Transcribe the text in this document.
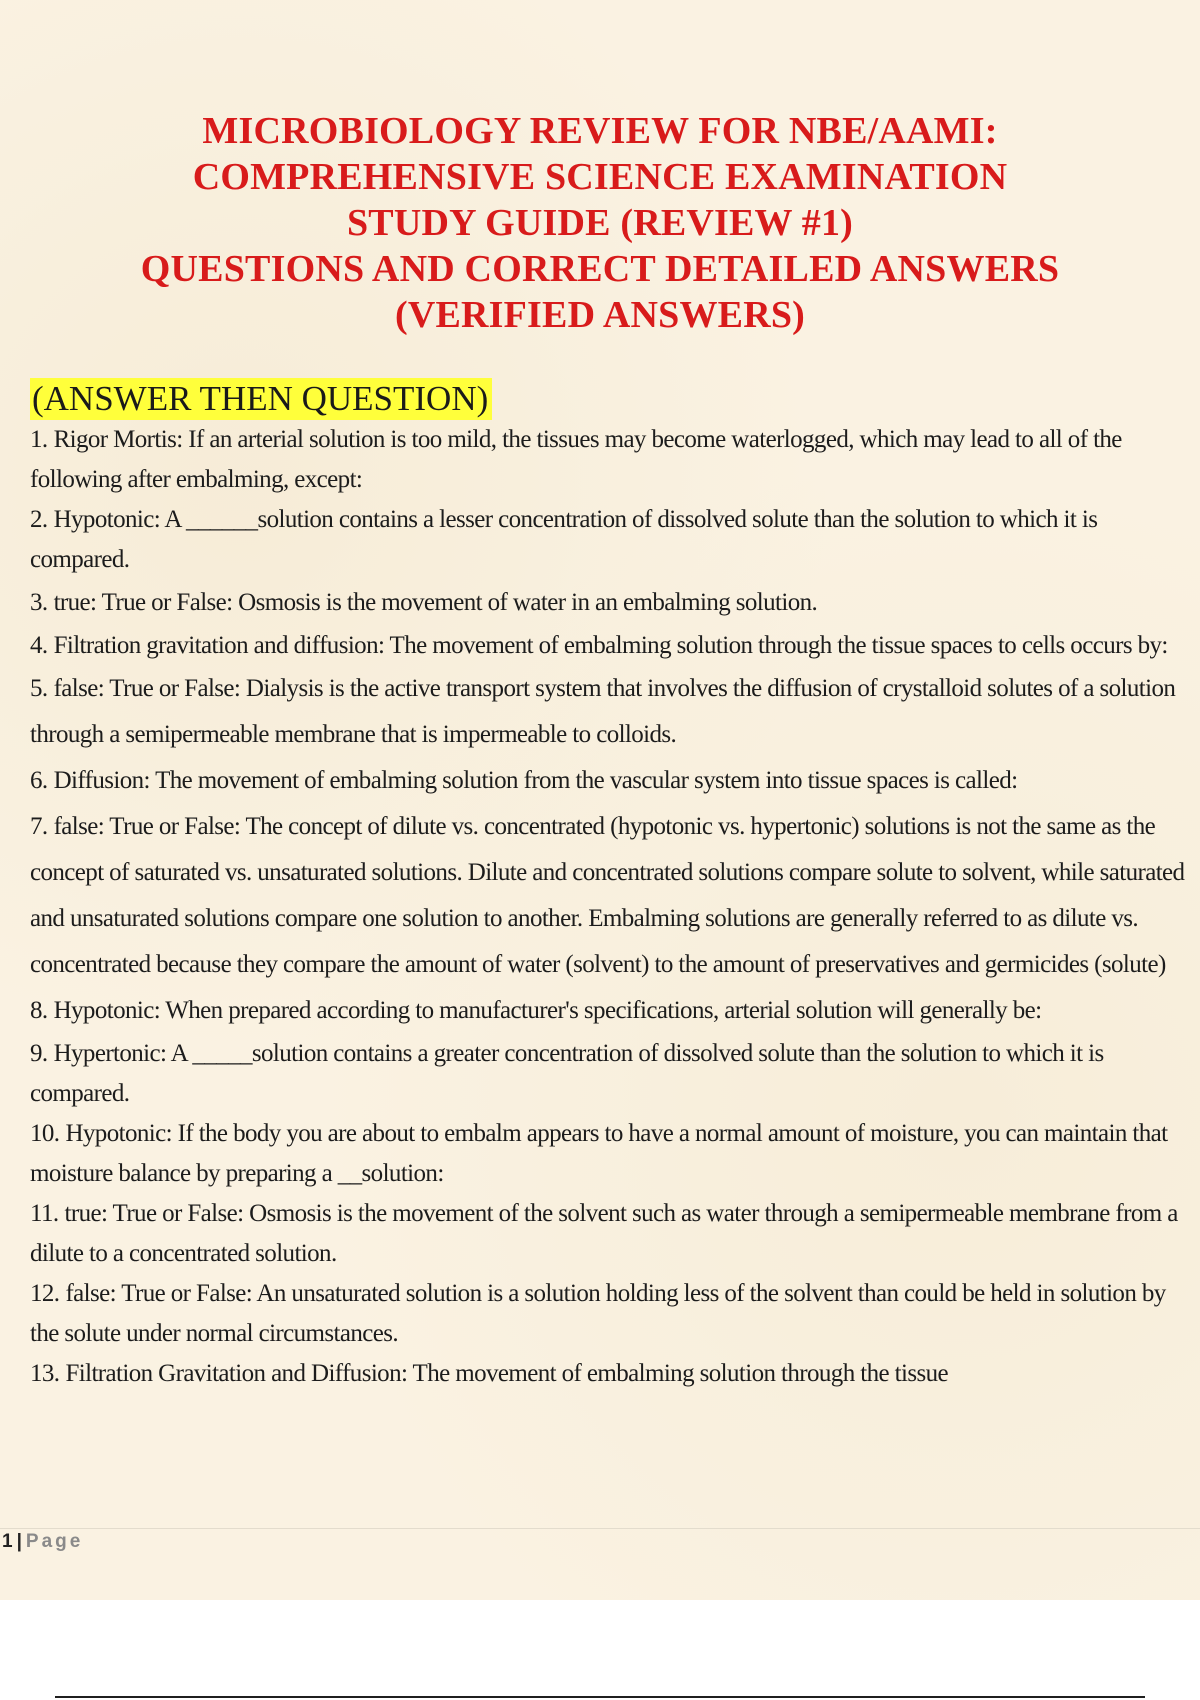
MICROBIOLOGY REVIEW FOR NBE/AAMI:
COMPREHENSIVE SCIENCE EXAMINATION
STUDY GUIDE (REVIEW #1)
QUESTIONS AND CORRECT DETAILED ANSWERS
(VERIFIED ANSWERS)
(ANSWER THEN QUESTION)

1. Rigor Mortis: If an arterial solution is too mild, the tissues may become waterlogged, which may lead to all of the following after embalming, except:

2. Hypotonic: A ______solution contains a lesser concentration of dissolved solute than the solution to which it is compared.

3. true: True or False: Osmosis is the movement of water in an embalming solution.

4. Filtration gravitation and diffusion: The movement of embalming solution through the tissue spaces to cells occurs by:

5. false: True or False: Dialysis is the active transport system that involves the diffusion of crystalloid solutes of a solution through a semipermeable membrane that is impermeable to colloids.

6. Diffusion: The movement of embalming solution from the vascular system into tissue spaces is called:

7. false: True or False: The concept of dilute vs. concentrated (hypotonic vs. hypertonic) solutions is not the same as the concept of saturated vs. unsaturated solutions. Dilute and concentrated solutions compare solute to solvent, while saturated and unsaturated solutions compare one solution to another. Embalming solutions are generally referred to as dilute vs. concentrated because they compare the amount of water (solvent) to the amount of preservatives and germicides (solute)

8. Hypotonic: When prepared according to manufacturer's specifications, arterial solution will generally be:

9. Hypertonic: A _____solution contains a greater concentration of dissolved solute than the solution to which it is compared.

10. Hypotonic: If the body you are about to embalm appears to have a normal amount of moisture, you can maintain that moisture balance by preparing a __solution:

11. true: True or False: Osmosis is the movement of the solvent such as water through a semipermeable membrane from a dilute to a concentrated solution.

12. false: True or False: An unsaturated solution is a solution holding less of the solvent than could be held in solution by the solute under normal circumstances.

13. Filtration Gravitation and Diffusion: The movement of embalming solution through the tissue

1 | Page
